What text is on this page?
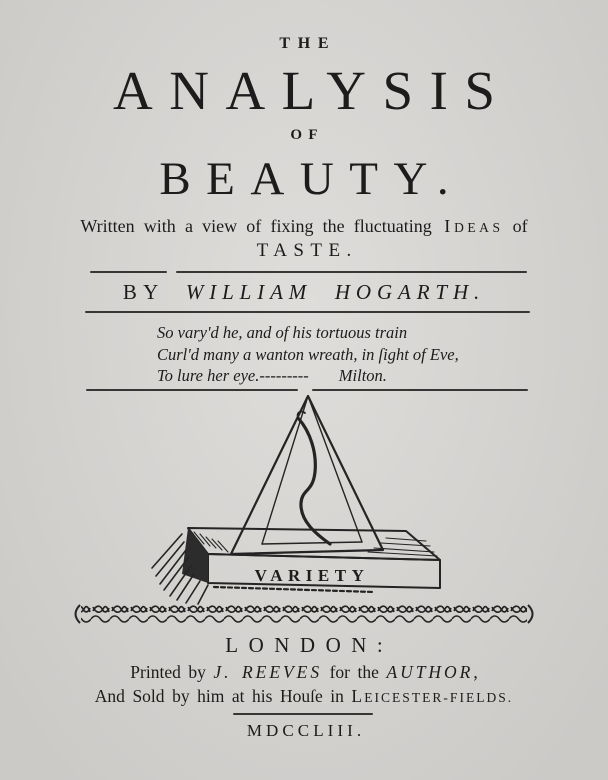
THE
ANALYSIS
OF
BEAUTY.
Written with a view of fixing the fluctuating IDEAS of
TASTE.
BY WILLIAM HOGARTH.
So vary'd he, and of his tortuous train
Curl'd many a wanton wreath, in ſight of Eve,
To lure her eye.--------- Milton.
VARIETY
LONDON:
Printed by J. REEVES for the AUTHOR,
And Sold by him at his Houſe in LEICESTER-FIELDS.
MDCCLIII.
